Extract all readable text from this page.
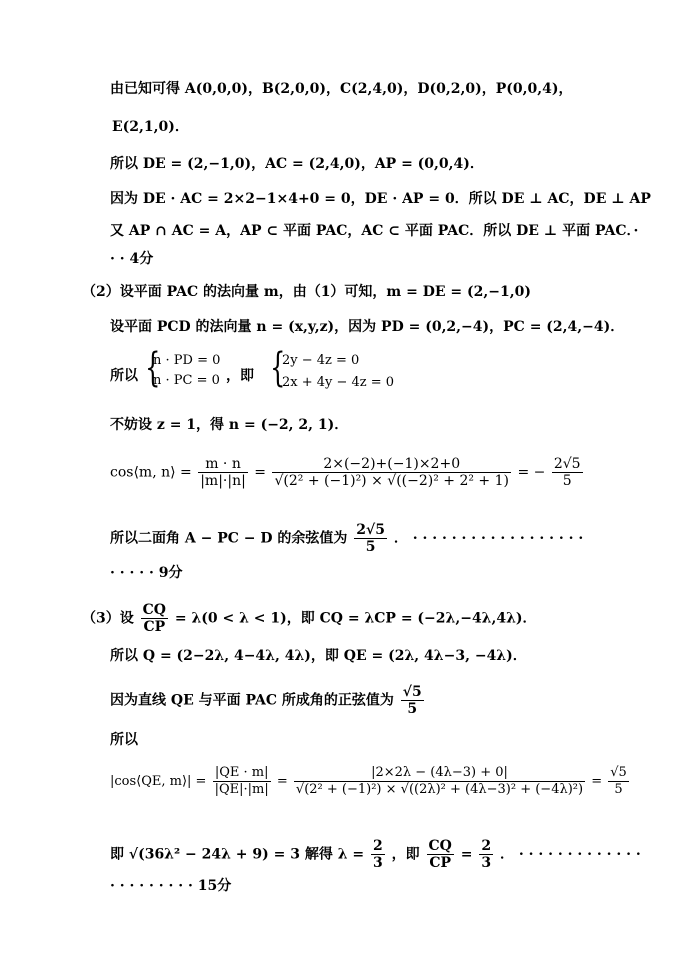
由已知可得 A(0,0,0)，B(2,0,0)，C(2,4,0)，D(0,2,0)，P(0,0,4)，
E(2,1,0)．
所以 DE = (2,−1,0)，AC = (2,4,0)，AP = (0,0,4)．
因为 DE · AC = 2×2−1×4+0 = 0，DE · AP = 0．所以 DE ⊥ AC，DE ⊥ AP
又 AP ∩ AC = A，AP ⊂ 平面 PAC，AC ⊂ 平面 PAC．所以 DE ⊥ 平面 PAC．·
· · 4分
（2）设平面 PAC 的法向量 m，由（1）可知，m = DE = (2,−1,0)
设平面 PCD 的法向量 n = (x,y,z)，因为 PD = (0,2,−4)，PC = (2,4,−4)．
所以 {
n · PD = 0
n · PC = 0 ，即 {
2y − 4z = 0
2x + 4y − 4z = 0
不妨设 z = 1，得 n = (−2, 2, 1)．
cos⟨m, n⟩ = $\frac{m \cdot n}{|m|\cdot|n|} = \frac{2\times(-2)+(-1)\times 2+0}{\text{√(2² + (−1)²) × √((−2)² + 2² + 1)}}$ = − $\frac{2√5}{5}$
所以二面角 A − PC − D 的余弦值为 $\frac{2√5}{5}$ ． · · · · · · · · · · · · · · · · · ·
· · · · · 9分
（3）设 $\frac{CQ}{CP} = \lambda(0 < \lambda < 1)$，即 CQ = λCP = (−2λ,−4λ,4λ)．
所以 Q = (2−2λ, 4−4λ, 4λ)，即 QE = (2λ, 4λ−3, −4λ)．
因为直线 QE 与平面 PAC 所成角的正弦值为 $\frac{√5}{5}$
所以
|cos⟨QE, m⟩| = $\frac{|QE \cdot m|}{|QE|\cdot|m|} = \frac{|2\times 2\lambda - (4\lambda-3) + 0|}{\text{√(2² + (−1)²) × √((2λ)² + (4λ−3)² + (−4λ)²)}} = \frac{√5}{5}$
即 √(36λ² − 24λ + 9) = 3 解得 $\lambda = \frac{2}{3}$ ，即 $\frac{CQ}{CP} = \frac{2}{3}$ ． · · · · · · · · · · · · ·
· · · · · · · · · 15分
